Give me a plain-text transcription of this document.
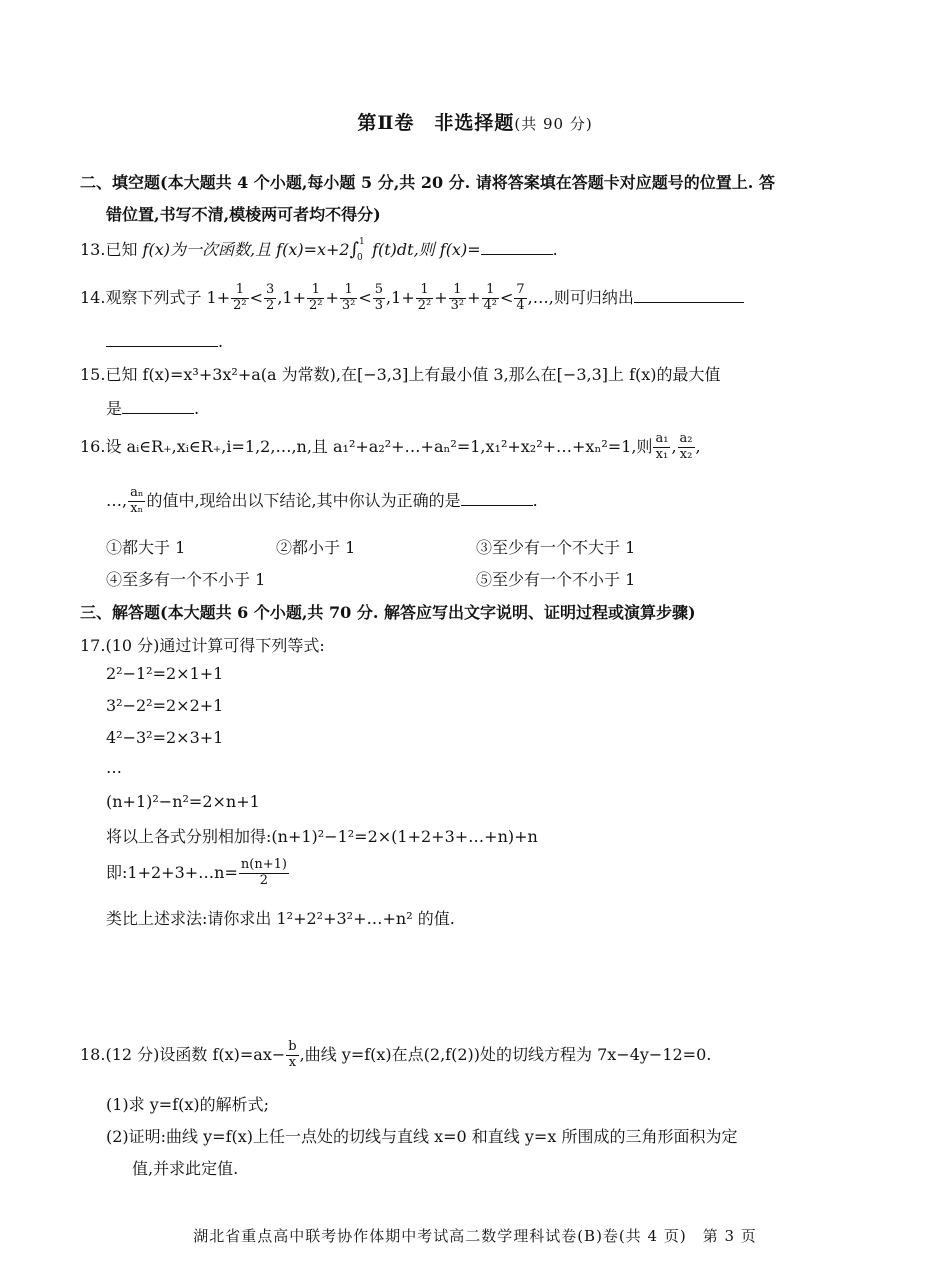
第Ⅱ卷　非选择题(共 90 分)
二、填空题(本大题共 4 个小题,每小题 5 分,共 20 分. 请将答案填在答题卡对应题号的位置上. 答
错位置,书写不清,模棱两可者均不得分)
13.已知 f(x)为一次函数,且 f(x)=x+2∫ 1
0 f(t)dt,则 f(x)=	.
14.观察下列式子 $1+ \frac{1}{\text{2²}} < \frac{3}{2} ,1+ \frac{1}{\text{2²}} + \frac{1}{\text{3²}} < \frac{5}{3} ,1+ \frac{1}{\text{2²}} + \frac{1}{\text{3²}} + \frac{1}{\text{4²}} < \frac{7}{4}$ ,…,则可归纳出
.
15.已知 f(x)=x³+3x²+a(a 为常数),在[−3,3]上有最小值 3,那么在[−3,3]上 f(x)的最大值
是	.
16.设 aᵢ∈R₊,xᵢ∈R₊,i=1,2,…,n,且 a₁²+a₂²+…+aₙ²=1,x₁²+x₂²+…+xₙ²=1,则 $\frac{\text{a₁}}{\text{x₁}}$ , $\frac{\text{a₂}}{\text{x₂}}$ ,
…, $\frac{\text{aₙ}}{\text{xₙ}}$ 的值中,现给出以下结论,其中你认为正确的是	.
①都大于 1	②都小于 1	③至少有一个不大于 1
④至多有一个不小于 1	⑤至少有一个不小于 1
三、解答题(本大题共 6 个小题,共 70 分. 解答应写出文字说明、证明过程或演算步骤)
17.(10 分)通过计算可得下列等式:
2²−1²=2×1+1
3²−2²=2×2+1
4²−3²=2×3+1
…
(n+1)²−n²=2×n+1
将以上各式分别相加得:(n+1)²−1²=2×(1+2+3+…+n)+n
即:1+2+3+…n= $\frac{n(n+1)}{2}$
类比上述求法:请你求出 1²+2²+3²+…+n² 的值.
18.(12 分)设函数 $f(x)=ax- \frac{b}{x}$ ,曲线 y=f(x)在点(2,f(2))处的切线方程为 7x−4y−12=0.
(1)求 y=f(x)的解析式;
(2)证明:曲线 y=f(x)上任一点处的切线与直线 x=0 和直线 y=x 所围成的三角形面积为定
值,并求此定值.
湖北省重点高中联考协作体期中考试高二数学理科试卷(B)卷(共 4 页)　第 3 页
